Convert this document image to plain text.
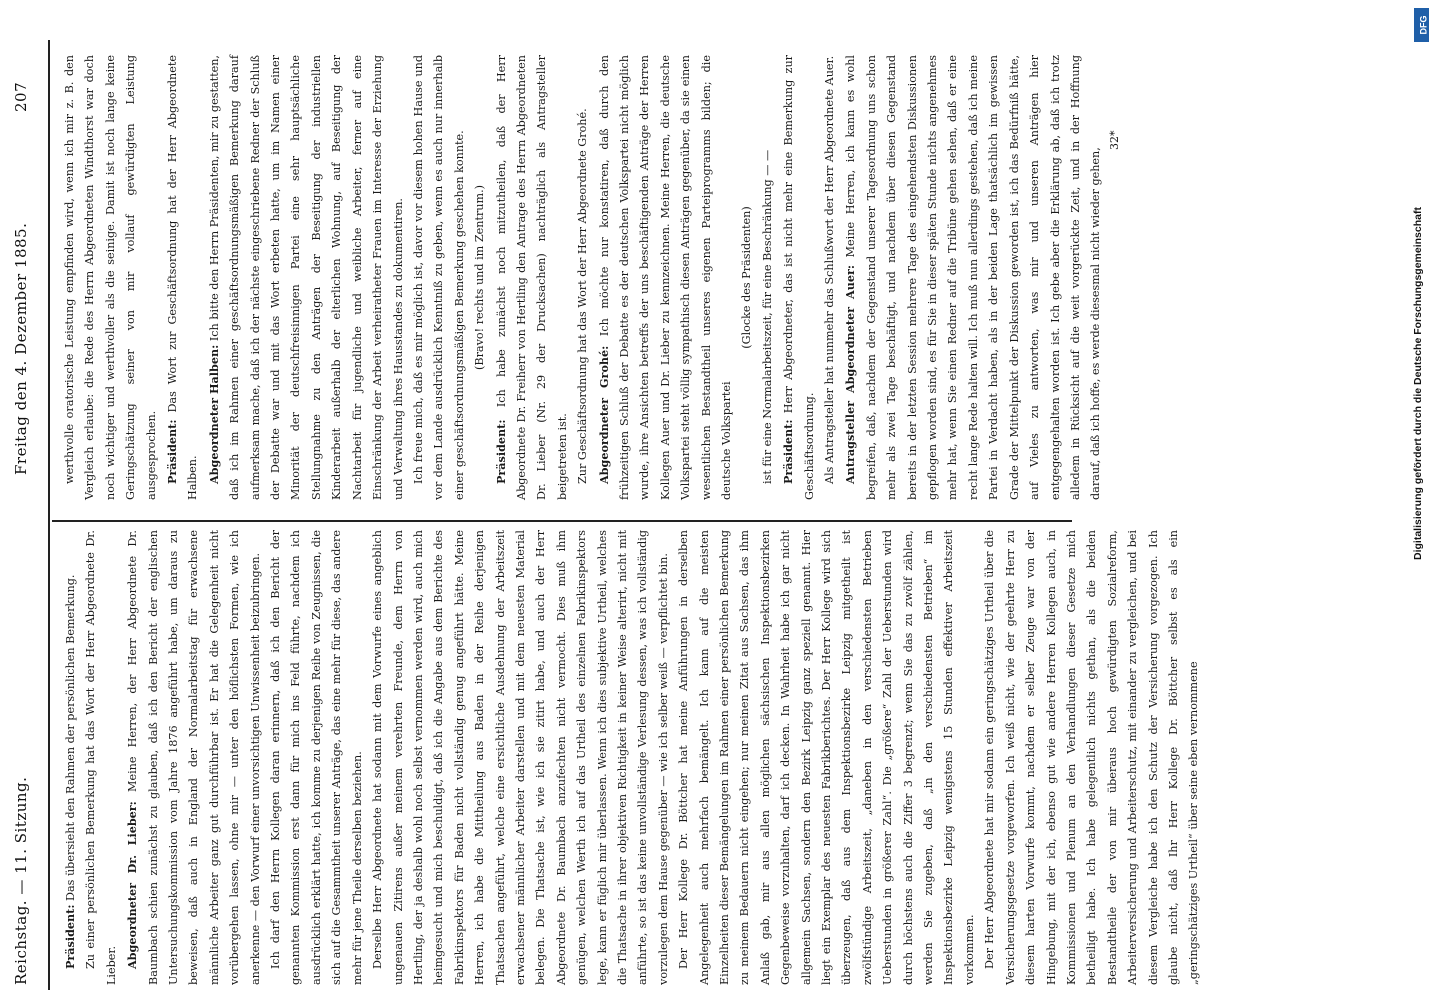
Reichstag. — 11. Sitzung.
Freitag den 4. Dezember 1885.
207

Präsident: Das übersieht den Rahmen der persönlichen Bemerkung. Zu einer persönlichen Bemerkung hat das Wort der Herr Abgeordnete Dr. Lieber. Abgeordneter Dr. Lieber: Meine Herren, der Herr Abgeordnete Dr. Baumbach schien zunächst zu glauben, daß ich den Bericht der englischen Untersuchungskommission vom Jahre 1876 angeführt habe, um daraus zu beweisen, daß auch in England der Normalarbeitstag für erwachsene männliche Arbeiter ganz gut durchführbar ist. Er hat die Gelegenheit nicht vorübergehen lassen, ohne mir — unter den höflichsten Formen, wie ich anerkenne — den Vorwurf einer unvorsichtigen Unwissenheit beizubringen. Ich darf den Herrn Kollegen daran erinnern, daß ich den Bericht der genannten Kommission erst dann für mich ins Feld führte, nachdem ich ausdrücklich erklärt hatte, ich komme zu derjenigen Reihe von Zeugnissen, die sich auf die Gesammtheit unserer Anträge, das eine mehr für diese, das andere mehr für jene Theile derselben beziehen. Derselbe Herr Abgeordnete hat sodann mit dem Vorwurfe eines angeblich ungenauen Zitirens außer meinem verehrten Freunde, dem Herrn von Hertling, der ja deshalb wohl noch selbst vernommen werden wird, auch mich heimgesucht und mich beschuldigt, daß ich die Angabe aus dem Berichte des Fabrikinspektors für Baden nicht vollständig genug angeführt hätte. Meine Herren, ich habe die Mittheilung aus Baden in der Reihe derjenigen Thatsachen angeführt, welche eine ersichtliche Ausdehnung der Arbeitszeit erwachsener männlicher Arbeiter darstellen und mit dem neuesten Material belegen. Die Thatsache ist, wie ich sie zitirt habe, und auch der Herr Abgeordnete Dr. Baumbach anzufechten nicht vermocht. Dies muß ihm genügen, welchen Werth ich auf das Urtheil des einzelnen Fabrikinspektors lege, kann er füglich mir überlassen. Wenn ich dies subjektive Urtheil, welches die Thatsache in ihrer objektiven Richtigkeit in keiner Weise alterirt, nicht mit anführte, so ist das keine unvollständige Verlesung dessen, was ich vollständig vorzulegen dem Hause gegenüber — wie ich selber weiß — verpflichtet bin. Der Herr Kollege Dr. Böttcher hat meine Anführungen in derselben Angelegenheit auch mehrfach bemängelt. Ich kann auf die meisten Einzelheiten dieser Bemängelungen im Rahmen einer persönlichen Bemerkung zu meinem Bedauern nicht eingehen; nur meinen Zitat aus Sachsen, das ihm Anlaß gab, mir aus allen möglichen sächsischen Inspektionsbezirken Gegenbeweise vorzuhalten, darf ich decken. In Wahrheit habe ich gar nicht allgemein Sachsen, sondern den Bezirk Leipzig ganz speziell genannt. Hier liegt ein Exemplar des neuesten Fabrikberichtes. Der Herr Kollege wird sich überzeugen, daß aus dem Inspektionsbezirke Leipzig mitgetheilt ist zwölfstündige Arbeitszeit, „daneben in den verschiedensten Betrieben Ueberstunden in größerer Zahl“. Die „größere“ Zahl der Ueberstunden wird durch höchstens auch die Ziffer 3 begrenzt; wenn Sie das zu zwölf zählen, werden Sie zugeben, daß „in den verschiedensten Betrieben“ im Inspektionsbezirke Leipzig wenigstens 15 Stunden effektiver Arbeitszeit vorkommen. Der Herr Abgeordnete hat mir sodann ein geringschätziges Urtheil über die Versicherungsgesetze vorgeworfen. Ich weiß nicht, wie der geehrte Herr zu diesem harten Vorwurfe kommt, nachdem er selber Zeuge war von der Hingebung, mit der ich, ebenso gut wie andere Herren Kollegen auch, in Kommissionen und Plenum an den Verhandlungen dieser Gesetze mich betheiligt habe. Ich habe gelegentlich nichts gethan, als die beiden Bestandtheile der von mir überaus hoch gewürdigten Sozialreform, Arbeiterversicherung und Arbeiterschutz, mit einander zu vergleichen, und bei diesem Vergleiche habe ich den Schutz der Versicherung vorgezogen. Ich glaube nicht, daß Ihr Herr Kollege Dr. Böttcher selbst es als ein „geringschätziges Urtheil“ über seine eben vernommene

werthvolle oratorische Leistung empfinden wird, wenn ich mir z. B. den Vergleich erlaube: die Rede des Herrn Abgeordneten Windthorst war doch noch wichtiger und werthvoller als die seinige. Damit ist noch lange keine Geringschätzung seiner von mir vollauf gewürdigten Leistung ausgesprochen. Präsident: Das Wort zur Geschäftsordnung hat der Herr Abgeordnete Halben. Abgeordneter Halben: Ich bitte den Herrn Präsidenten, mir zu gestatten, daß ich im Rahmen einer geschäftsordnungsmäßigen Bemerkung darauf aufmerksam mache, daß ich der nächste eingeschriebene Redner der Schluß der Debatte war und mit das Wort erbeten hatte, um im Namen einer Minorität der deutschfreisinnigen Partei eine sehr hauptsächliche Stellungnahme zu den Anträgen der Beseitigung der industriellen Kinderarbeit außerhalb der elterlichen Wohnung, auf Beseitigung der Nachtarbeit für jugendliche und weibliche Arbeiter, ferner auf eine Einschränkung der Arbeit verheiratheter Frauen im Interesse der Erziehung und Verwaltung ihres Hausstandes zu dokumentiren. Ich freue mich, daß es mir möglich ist, davor vor diesem hohen Hause und vor dem Lande ausdrücklich Kenntniß zu geben, wenn es auch nur innerhalb einer geschäftsordnungsmäßigen Bemerkung geschehen konnte. (Bravo! rechts und im Zentrum.)

Präsident: Ich habe zunächst noch mitzutheilen, daß der Herr Abgeordnete Dr. Freiherr von Hertling den Antrage des Herrn Abgeordneten Dr. Lieber (Nr. 29 der Drucksachen) nachträglich als Antragsteller beigetreten ist. Zur Geschäftsordnung hat das Wort der Herr Abgeordnete Grohé. Abgeordneter Grohé: Ich möchte nur konstatiren, daß durch den frühzeitigen Schluß der Debatte es der deutschen Volkspartei nicht möglich wurde, ihre Ansichten betreffs der uns beschäftigenden Anträge der Herren Kollegen Auer und Dr. Lieber zu kennzeichnen. Meine Herren, die deutsche Volkspartei steht völlig sympathisch diesen Anträgen gegenüber, da sie einen wesentlichen Bestandtheil unseres eigenen Parteiprogramms bilden; die deutsche Volkspartei

(Glocke des Präsidenten) ist für eine Normalarbeitszeit, für eine Beschränkung — — Präsident: Herr Abgeordneter, das ist nicht mehr eine Bemerkung zur Geschäftsordnung. Als Antragsteller hat nunmehr das Schlußwort der Herr Abgeordnete Auer. Antragsteller Abgeordneter Auer: Meine Herren, ich kann es wohl begreifen, daß, nachdem der Gegenstand unserer Tagesordnung uns schon mehr als zwei Tage beschäftigt, und nachdem über diesen Gegenstand bereits in der letzten Session mehrere Tage des eingehendsten Diskussionen gepflogen worden sind, es für Sie in dieser späten Stunde nichts angenehmes mehr hat, wenn Sie einen Redner auf die Tribüne gehen sehen, daß er eine recht lange Rede halten will. Ich muß nun allerdings gestehen, daß ich meine Partei in Verdacht haben, als in der beiden Lage thatsächlich im gewissen Grade der Mittelpunkt der Diskussion geworden ist, ich das Bedürfniß hätte, auf Vieles zu antworten, was mir und unseren Anträgen hier entgegengehalten worden ist. Ich gebe aber die Erklärung ab, daß ich trotz alledem in Rücksicht auf die weit vorgerückte Zeit, und in der Hoffnung darauf, daß ich hoffe, es werde diesesmal nicht wieder gehen,

32*
Digitalisierung gefördert durch die Deutsche Forschungsgemeinschaft
DFG
